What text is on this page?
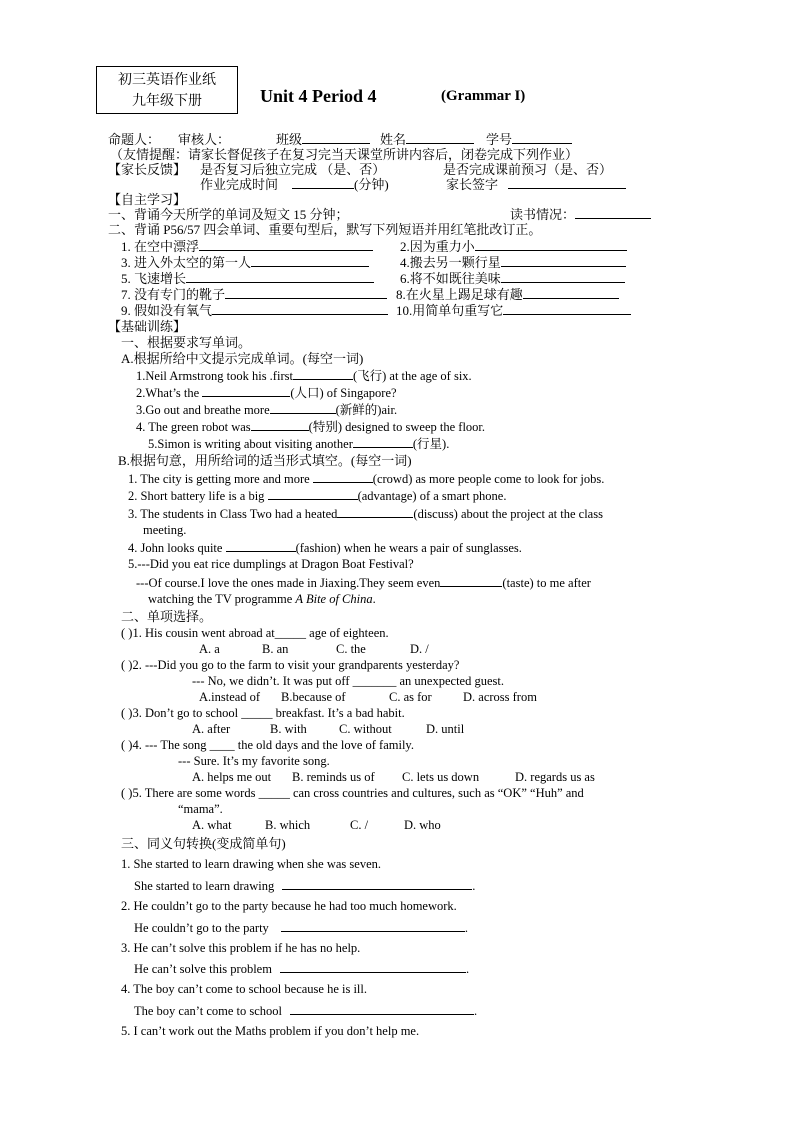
初三英语作业纸
九年级下册	Unit 4 Period 4	(Grammar I)
命题人： 审核人：	班级	姓名	学号
（友情提醒：请家长督促孩子在复习完当天课堂所讲内容后，闭卷完成下列作业）
【家长反馈】 是否复习后独立完成 （是、否）	是否完成课前预习（是、否）
作业完成时间	(分钟)	家长签字
【自主学习】
一、背诵今天所学的单词及短文 15 分钟；	读书情况：
二、背诵 P56/57 四会单词、重要句型后，默写下列短语并用红笔批改订正。
1. 在空中漂浮	2.因为重力小
3. 进入外太空的第一人	4.搬去另一颗行星
5. 飞速增长	6.将不如既往美味
7. 没有专门的靴子	8.在火星上踢足球有趣
9. 假如没有氧气	10.用简单句重写它
【基础训练】
一、根据要求写单词。
A.根据所给中文提示完成单词。(每空一词)
1.Neil Armstrong took his .first	(飞行) at the age of six.
2.What’s the	(人口) of Singapore?
3.Go out and breathe more	(新鲜的)air.
4. The green robot was	(特别) designed to sweep the floor.
5.Simon is writing about visiting another	(行星).
B.根据句意，用所给词的适当形式填空。(每空一词)
1. The city is getting more and more	(crowd) as more people come to look for jobs.
2. Short battery life is a big	(advantage) of a smart phone.
3. The students in Class Two had a heated	(discuss) about the project at the class
meeting.
4. John looks quite	(fashion) when he wears a pair of sunglasses.
5.---Did you eat rice dumplings at Dragon Boat Festival?
---Of course.I love the ones made in Jiaxing.They seem even	(taste) to me after
watching the TV programme A Bite of China.
二、单项选择。
( )1. His cousin went abroad at_____ age of eighteen.
A. a	B. an	C. the	D. /
( )2. ---Did you go to the farm to visit your grandparents yesterday?
--- No, we didn’t. It was put off _______ an unexpected guest.
A.instead of B.because of	C. as for	D. across from
( )3. Don’t go to school _____ breakfast. It’s a bad habit.
A. after	B. with	C. without	D. until
( )4. --- The song ____ the old days and the love of family.
--- Sure. It’s my favorite song.
A. helps me out B. reminds us of C. lets us down	D. regards us as
( )5. There are some words _____ can cross countries and cultures, such as “OK” “Huh” and
“mama”.
A. what	B. which	C. /	D. who
三、同义句转换(变成简单句)
1. She started to learn drawing when she was seven.
She started to learn drawing	.
2. He couldn’t go to the party because he had too much homework.
He couldn’t go to the party	.
3. He can’t solve this problem if he has no help.
He can’t solve this problem	.
4. The boy can’t come to school because he is ill.
The boy can’t come to school	.
5. I can’t work out the Maths problem if you don’t help me.
